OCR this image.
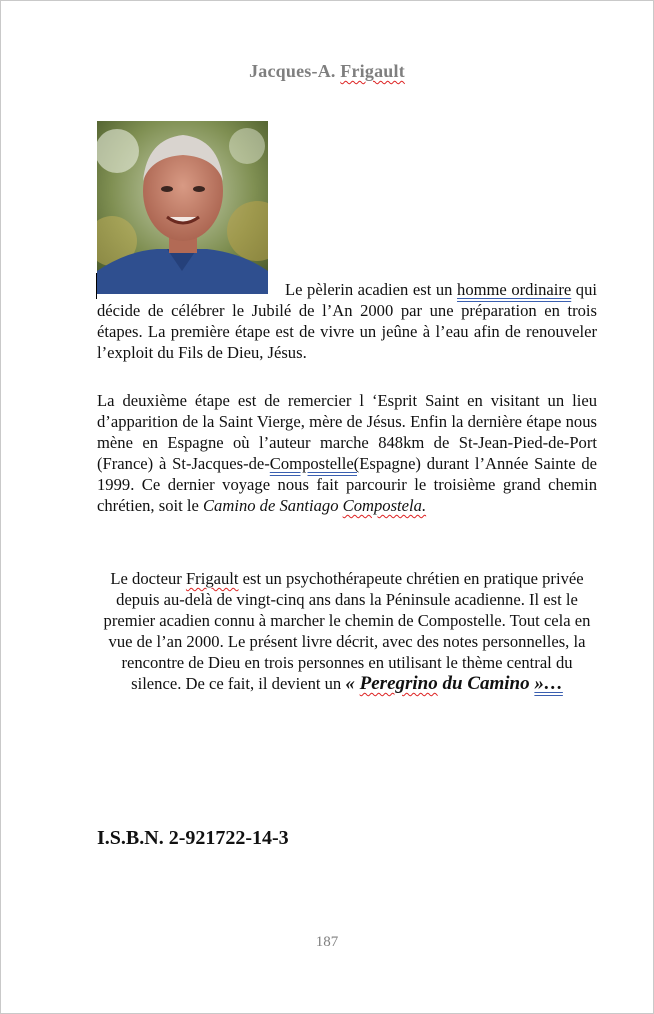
Jacques-A. Frigault
Le pèlerin acadien est un homme ordinaire qui décide de célébrer le Jubilé de l’An 2000 par une préparation en trois étapes. La première étape est de vivre un jeûne à l’eau afin de renouveler l’exploit du Fils de Dieu, Jésus.
La deuxième étape est de remercier l ‘Esprit Saint en visitant un lieu d’apparition de la Saint Vierge, mère de Jésus. Enfin la dernière étape nous mène en Espagne où l’auteur marche 848km de St-Jean-Pied-de-Port (France) à St-Jacques-de-Compostelle(Espagne) durant l’Année Sainte de 1999. Ce dernier voyage nous fait parcourir le troisième grand chemin chrétien, soit le Camino de Santiago Compostela.
Le docteur Frigault est un psychothérapeute chrétien en pratique privée depuis au-delà de vingt-cinq ans dans la Péninsule acadienne. Il est le premier acadien connu à marcher le chemin de Compostelle. Tout cela en vue de l’an 2000. Le présent livre décrit, avec des notes personnelles, la rencontre de Dieu en trois personnes en utilisant le thème central du silence. De ce fait, il devient un « Peregrino du Camino »…
I.S.B.N. 2-921722-14-3
187
